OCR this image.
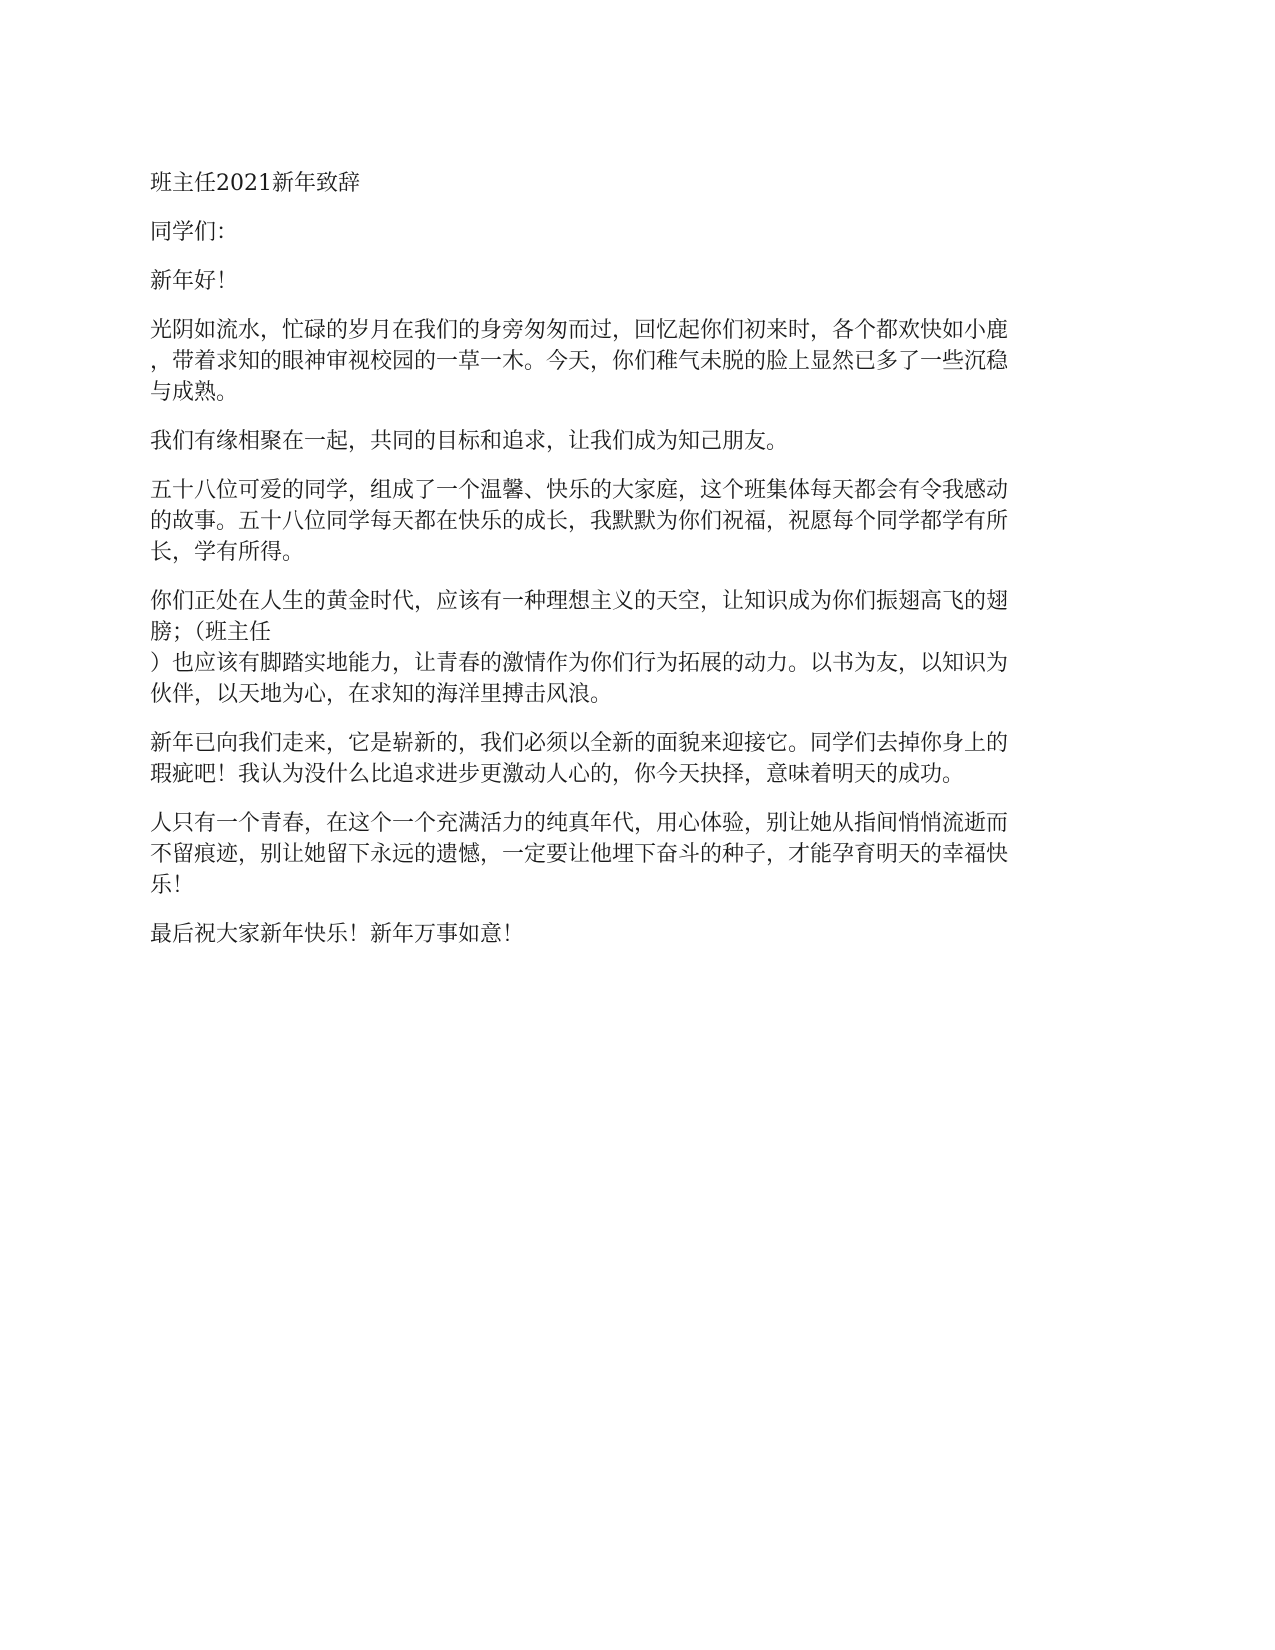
班主任2021新年致辞

同学们：

新年好！

光阴如流水，忙碌的岁月在我们的身旁匆匆而过，回忆起你们初来时，各个都欢快如小鹿

，带着求知的眼神审视校园的一草一木。今天，你们稚气未脱的脸上显然已多了一些沉稳

与成熟。

我们有缘相聚在一起，共同的目标和追求，让我们成为知己朋友。

五十八位可爱的同学，组成了一个温馨、快乐的大家庭，这个班集体每天都会有令我感动

的故事。五十八位同学每天都在快乐的成长，我默默为你们祝福，祝愿每个同学都学有所

长，学有所得。

你们正处在人生的黄金时代，应该有一种理想主义的天空，让知识成为你们振翅高飞的翅

膀；（班主任

）也应该有脚踏实地能力，让青春的激情作为你们行为拓展的动力。以书为友，以知识为

伙伴，以天地为心，在求知的海洋里搏击风浪。

新年已向我们走来，它是崭新的，我们必须以全新的面貌来迎接它。同学们去掉你身上的

瑕疵吧！我认为没什么比追求进步更激动人心的，你今天抉择，意味着明天的成功。

人只有一个青春，在这个一个充满活力的纯真年代，用心体验，别让她从指间悄悄流逝而

不留痕迹，别让她留下永远的遗憾，一定要让他埋下奋斗的种子，才能孕育明天的幸福快

乐！

最后祝大家新年快乐！新年万事如意！
